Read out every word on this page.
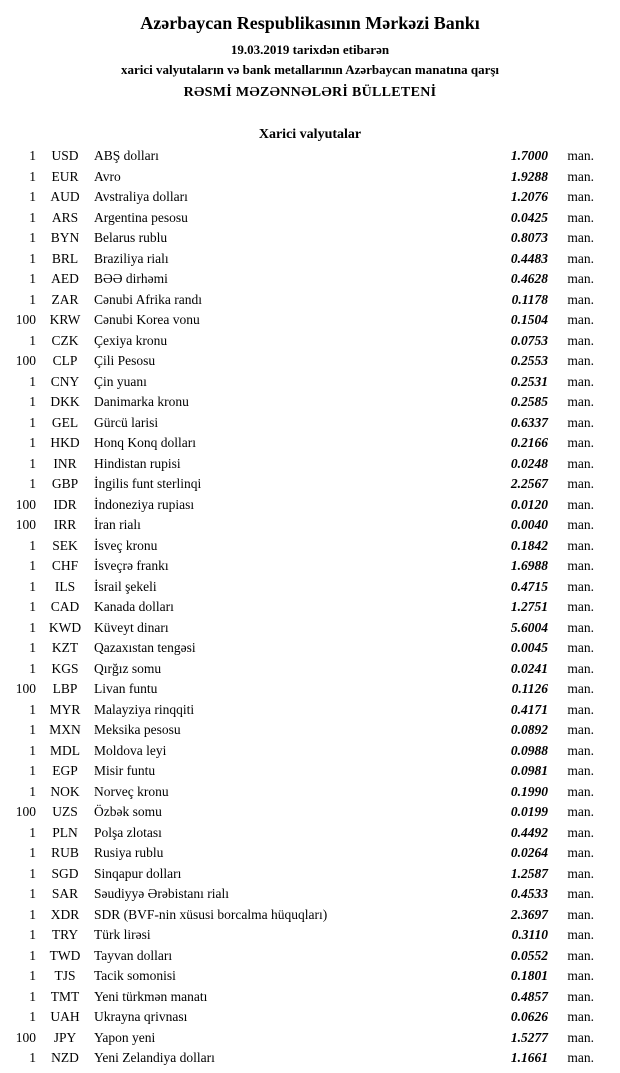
Azərbaycan Respublikasının Mərkəzi Bankı
19.03.2019 tarixdən etibarən
xarici valyutaların və bank metallarının Azərbaycan manatına qarşı
RƏSMİ MƏZƏNNƏLƏRİ BÜLLETENİ
Xarici valyutalar
1	USD	ABŞ dolları	1.7000	man.
1	EUR	Avro	1.9288	man.
1	AUD	Avstraliya dolları	1.2076	man.
1	ARS	Argentina pesosu	0.0425	man.
1	BYN	Belarus rublu	0.8073	man.
1	BRL	Braziliya rialı	0.4483	man.
1	AED	BƏƏ dirhəmi	0.4628	man.
1	ZAR	Cənubi Afrika randı	0.1178	man.
100	KRW	Cənubi Korea vonu	0.1504	man.
1	CZK	Çexiya kronu	0.0753	man.
100	CLP	Çili Pesosu	0.2553	man.
1	CNY	Çin yuanı	0.2531	man.
1	DKK	Danimarka kronu	0.2585	man.
1	GEL	Gürcü larisi	0.6337	man.
1	HKD	Honq Konq dolları	0.2166	man.
1	INR	Hindistan rupisi	0.0248	man.
1	GBP	İngilis funt sterlinqi	2.2567	man.
100	IDR	İndoneziya rupiası	0.0120	man.
100	IRR	İran rialı	0.0040	man.
1	SEK	İsveç kronu	0.1842	man.
1	CHF	İsveçrə frankı	1.6988	man.
1	ILS	İsrail şekeli	0.4715	man.
1	CAD	Kanada dolları	1.2751	man.
1 KWD Küveyt dinarı	5.6004	man.
1	KZT	Qazaxıstan tengəsi	0.0045	man.
1	KGS	Qırğız somu	0.0241	man.
100	LBP	Livan funtu	0.1126	man.
1	MYR	Malayziya rinqqiti	0.4171	man.
1 MXN Meksika pesosu	0.0892	man.
1	MDL	Moldova leyi	0.0988	man.
1	EGP	Misir funtu	0.0981	man.
1	NOK	Norveç kronu	0.1990	man.
100	UZS	Özbək somu	0.0199	man.
1	PLN	Polşa zlotası	0.4492	man.
1	RUB	Rusiya rublu	0.0264	man.
1	SGD	Sinqapur dolları	1.2587	man.
1	SAR	Səudiyyə Ərəbistanı rialı	0.4533	man.
1	XDR	SDR (BVF-nin xüsusi borcalma hüquqları)	2.3697	man.
1	TRY	Türk lirəsi	0.3110	man.
1	TWD	Tayvan dolları	0.0552	man.
1	TJS	Tacik somonisi	0.1801	man.
1	TMT	Yeni türkmən manatı	0.4857	man.
1	UAH	Ukrayna qrivnası	0.0626	man.
100	JPY	Yapon yeni	1.5277	man.
1	NZD	Yeni Zelandiya dolları	1.1661	man.
